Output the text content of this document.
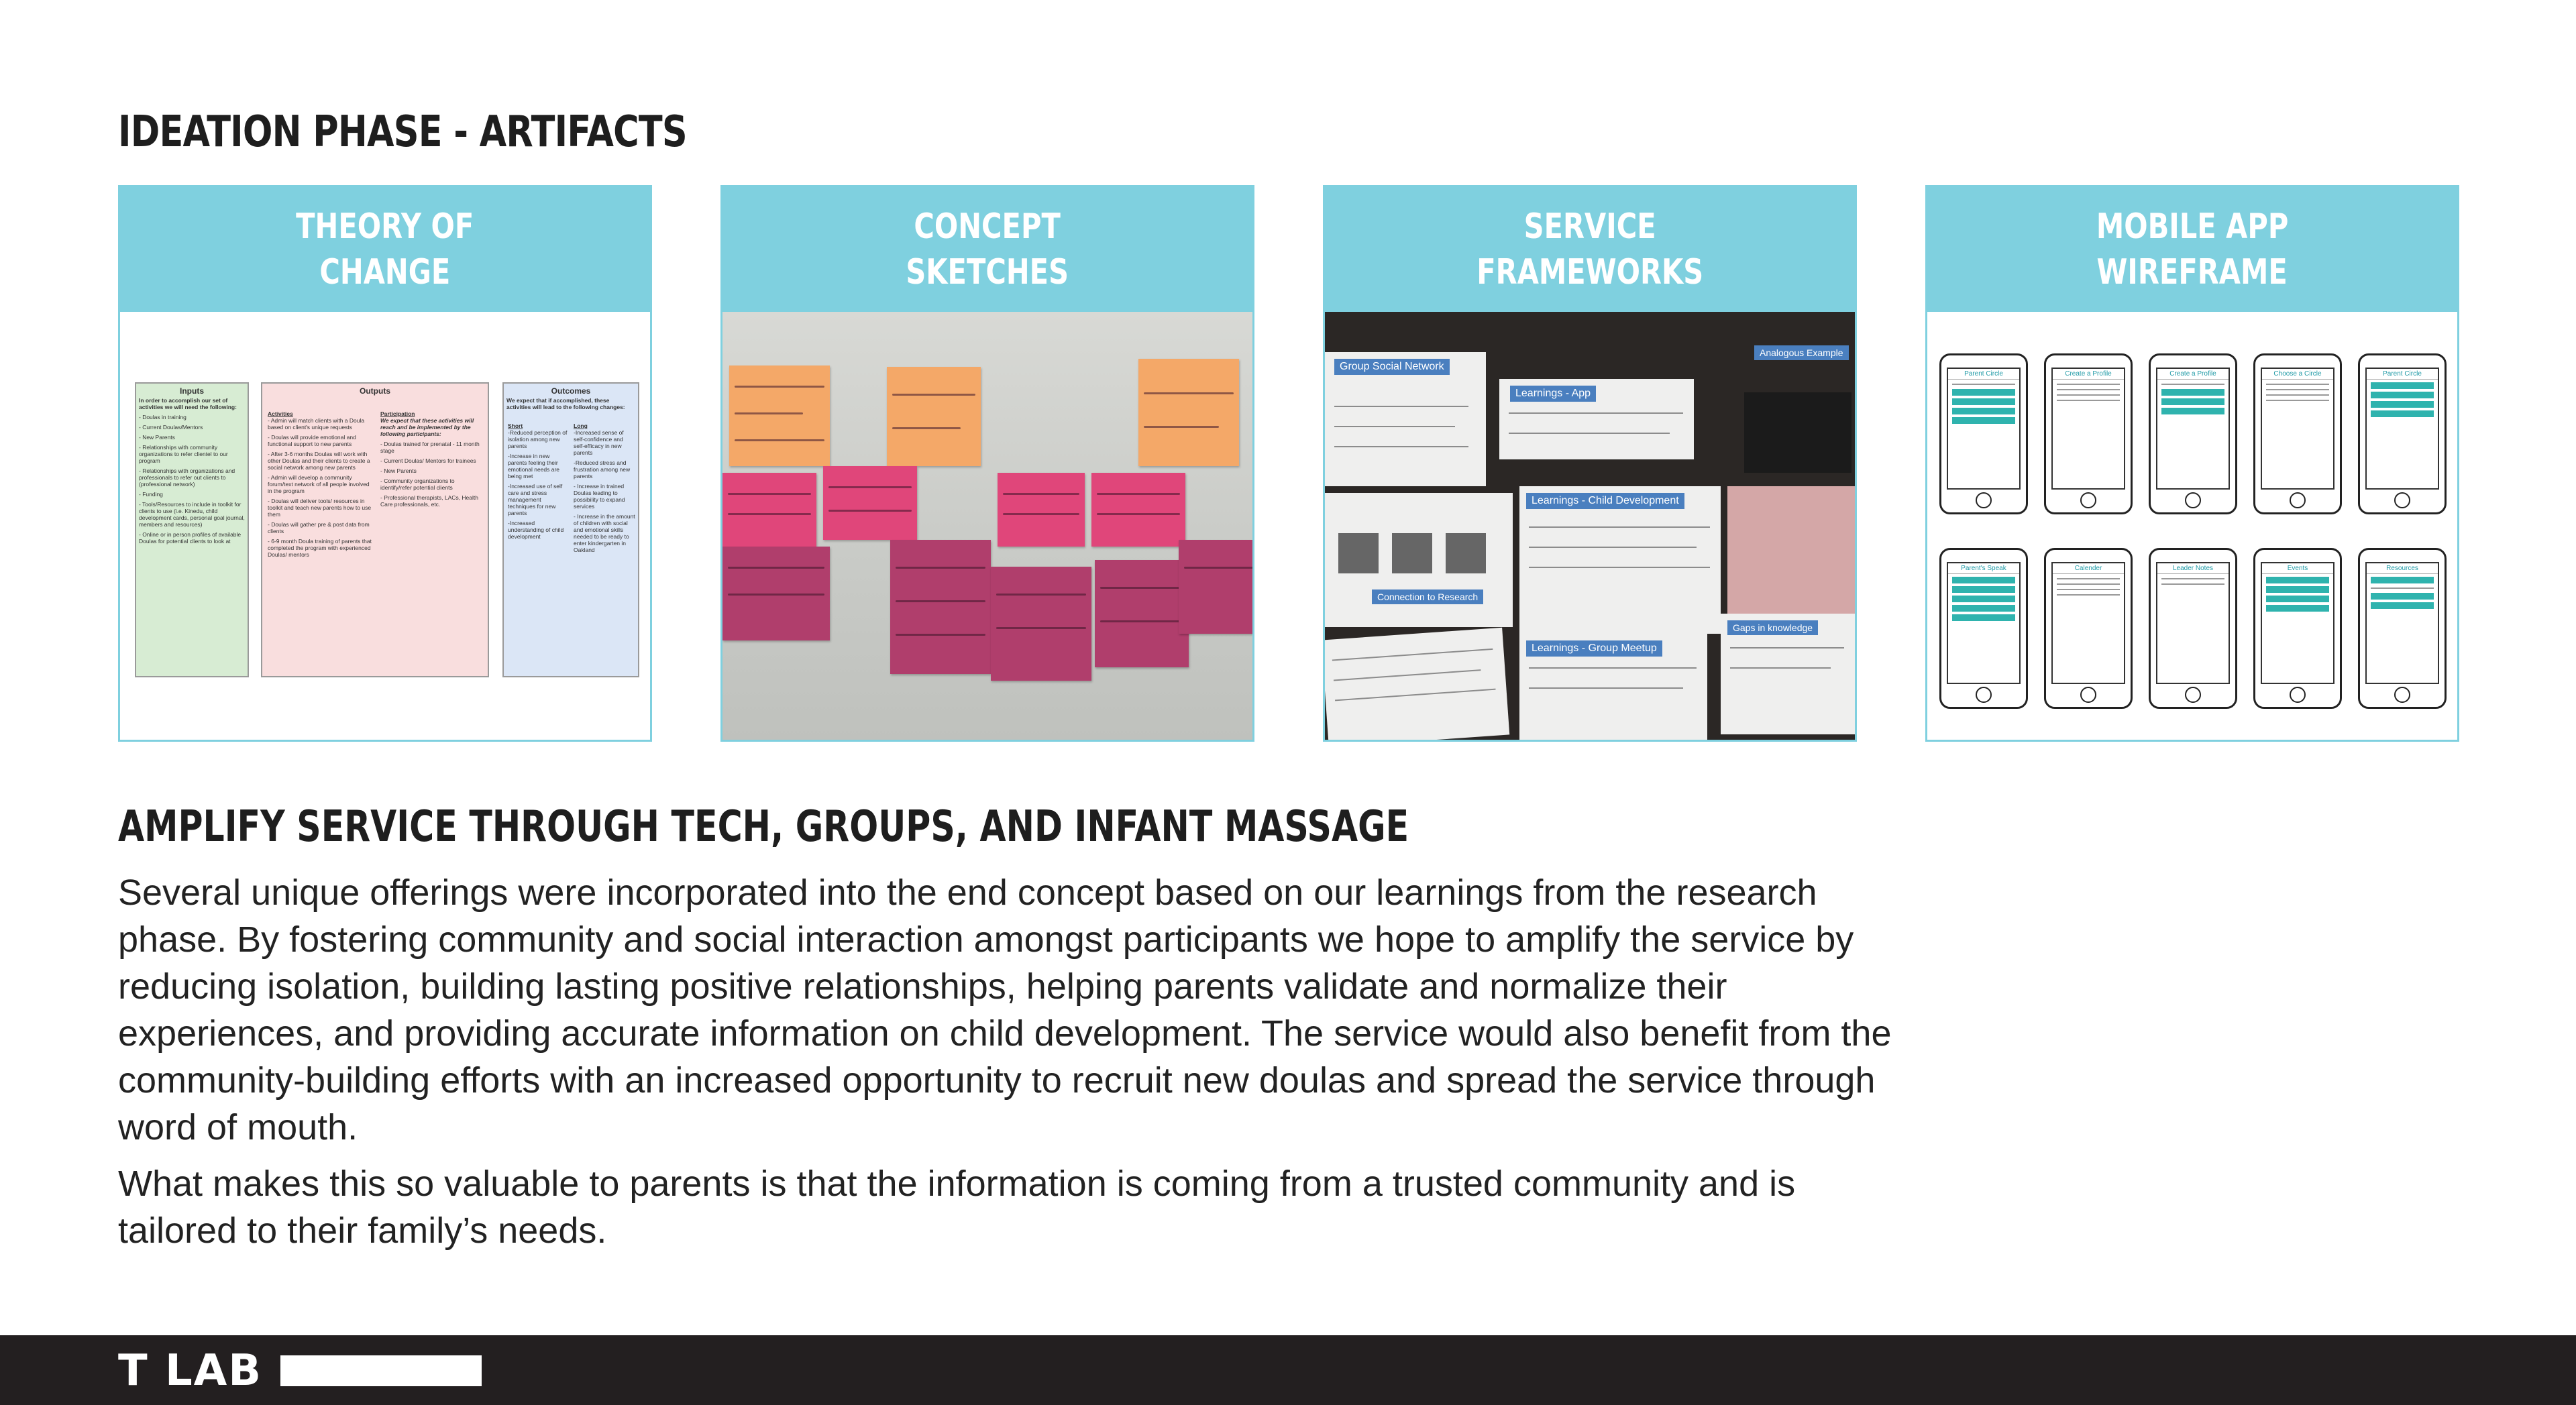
IDEATION PHASE - ARTIFACTS
THEORY OF
CHANGE
Inputs

In order to accomplish our set of activities we will need the following:

- Doulas in training

- Current Doulas/Mentors

- New Parents

- Relationships with community organizations to refer clientel to our program

- Relationships with organizations and professionals to refer out clients to (professional network)

- Funding

- Tools/Resources to include in toolkit for clients to use (i.e. Kinedu, child development cards, personal goal journal, members and resources)

- Online or in person profiles of available Doulas for potential clients to look at

Outputs
Activities

- Admin will match clients with a Doula based on client's unique requests

- Doulas will provide emotional and functional support to new parents

- After 3-6 months Doulas will work with other Doulas and their clients to create a social network among new parents

- Admin will develop a community forum/text network of all people involved in the program

- Doulas will deliver tools/ resources in toolkit and teach new parents how to use them

- Doulas will gather pre & post data from clients

- 6-9 month Doula training of parents that completed the program with experienced Doulas/ mentors

Participation

We expect that these activities will reach and be implemented by the following participants:

- Doulas trained for prenatal - 11 month stage

- Current Doulas/ Mentors for trainees

- New Parents

- Community organizations to identify/refer potential clients

- Professional therapists, LACs, Health Care professionals, etc.

Outcomes

We expect that if accomplished, these activities will lead to the following changes:

Short

-Reduced perception of isolation among new parents

-Increase in new parents feeling their emotional needs are being met

-Increased use of self care and stress management techniques for new parents

-Increased understanding of child development

Long

-Increased sense of self-confidence and self-efficacy in new parents

-Reduced stress and frustration among new parents

- Increase in trained Doulas leading to possibility to expand services

- Increase in the amount of children with social and emotional skills needed to be ready to enter kindergarten in Oakland

CONCEPT
SKETCHES
SERVICE
FRAMEWORKS
Group Social Network
Learnings - App
Analogous Example
Learnings - Child Development
Connection to Research
Learnings - Group Meetup
Gaps in knowledge
MOBILE APP
WIREFRAME
Parent Circle	Create a Profile	Create a Profile	Choose a Circle	Parent Circle
Parent's Speak	Calender	Leader Notes	Events	Resources
AMPLIFY SERVICE THROUGH TECH, GROUPS, AND INFANT MASSAGE

Several unique offerings were incorporated into the end concept based on our learnings from the research phase. By fostering community and social interaction amongst participants we hope to amplify the service by reducing isolation, building lasting positive relationships, helping parents validate and normalize their experiences, and providing accurate information on child development. The service would also benefit from the community-building efforts with an increased opportunity to recruit new doulas and spread the service through word of mouth.

What makes this so valuable to parents is that the information is coming from a trusted community and is tailored to their family’s needs.

T LAB
